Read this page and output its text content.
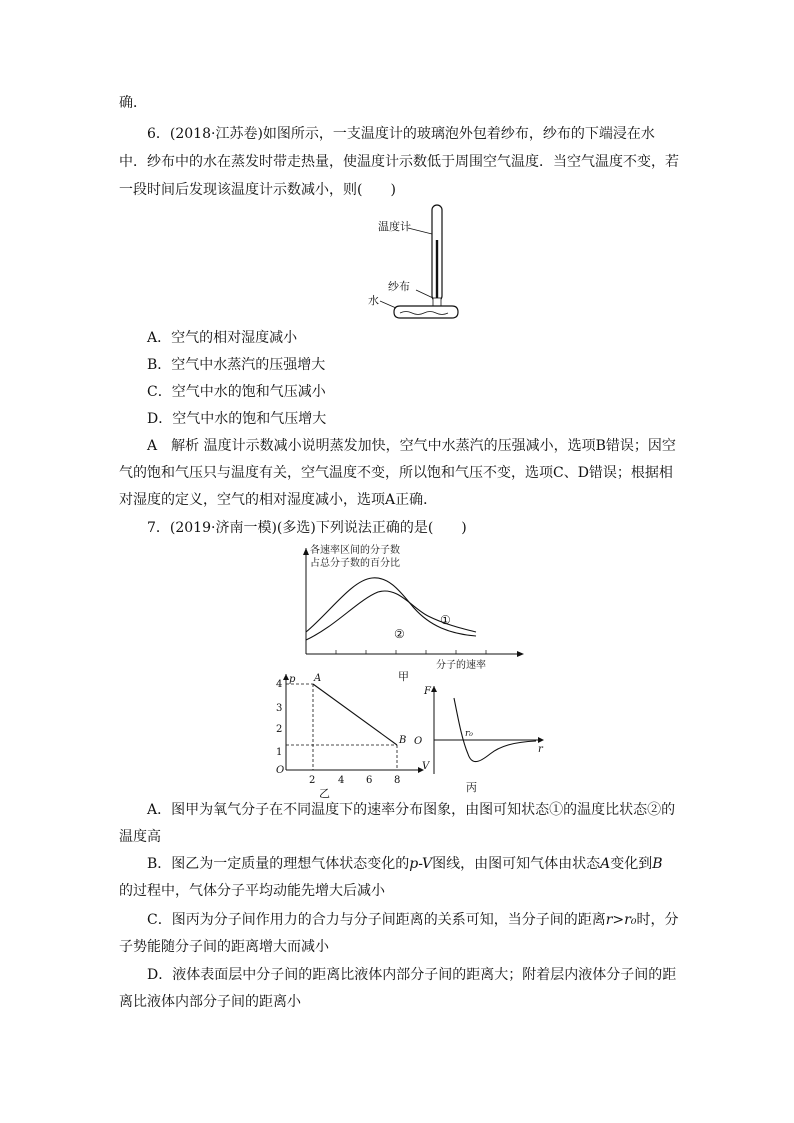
确．
6．(2018·江苏卷)如图所示，一支温度计的玻璃泡外包着纱布，纱布的下端浸在水
中．纱布中的水在蒸发时带走热量，使温度计示数低于周围空气温度．当空气温度不变，若
一段时间后发现该温度计示数减小，则(　　)
温度计
纱布
水
A．空气的相对湿度减小
B．空气中水蒸汽的压强增大
C．空气中水的饱和气压减小
D．空气中水的饱和气压增大
A　 解析 温度计示数减小说明蒸发加快，空气中水蒸汽的压强减小，选项B错误；因空
气的饱和气压只与温度有关，空气温度不变，所以饱和气压不变，选项C、D错误；根据相
对湿度的定义，空气的相对湿度减小，选项A正确．
7．(2019·济南一模)(多选)下列说法正确的是(　　)
各速率区间的分子数
占总分子数的百分比
①
②
分子的速率
甲
p
V
O
4
3
2
1
2 4 6 8
A
B
乙
F
r
O
r₀
丙
A．图甲为氧气分子在不同温度下的速率分布图象，由图可知状态①的温度比状态②的
温度高
B．图乙为一定质量的理想气体状态变化的p-V图线，由图可知气体由状态A变化到B
的过程中，气体分子平均动能先增大后减小
C．图丙为分子间作用力的合力与分子间距离的关系可知，当分子间的距离r>r₀时，分
子势能随分子间的距离增大而减小
D．液体表面层中分子间的距离比液体内部分子间的距离大；附着层内液体分子间的距
离比液体内部分子间的距离小
